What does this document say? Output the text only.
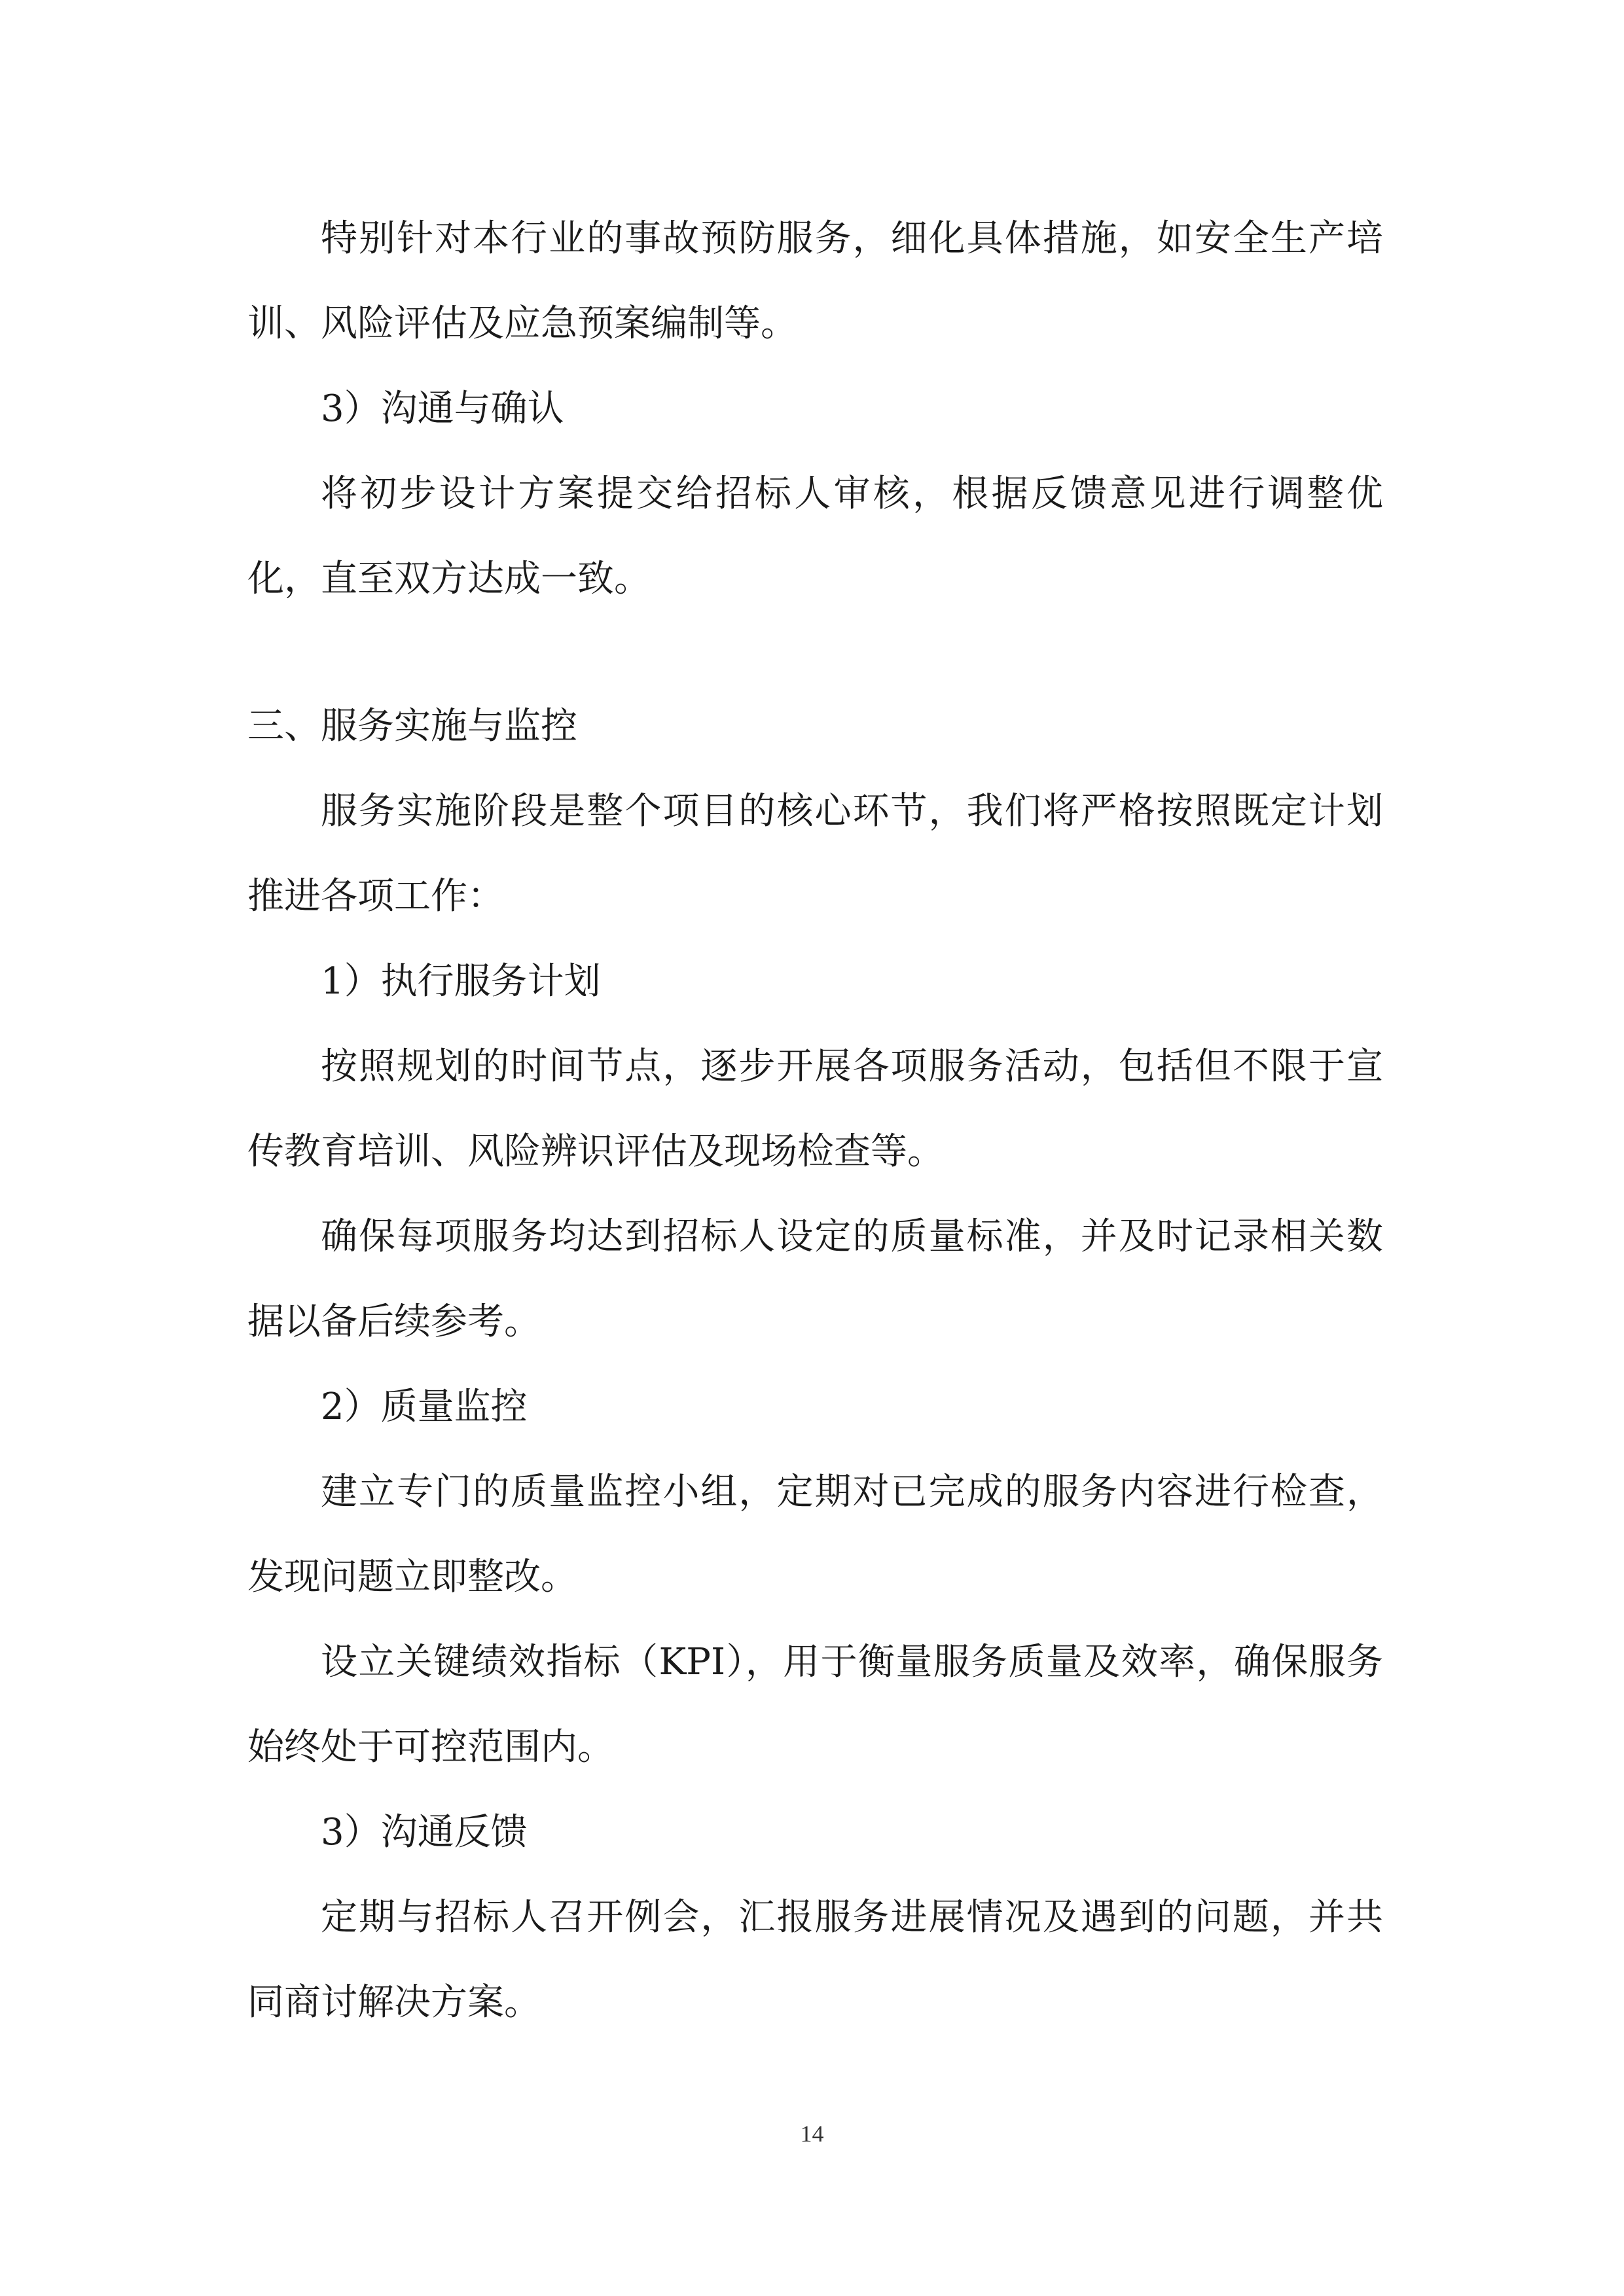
特别针对本行业的事故预防服务，细化具体措施，如安全生产培
训、风险评估及应急预案编制等。
3）沟通与确认
将初步设计方案提交给招标人审核，根据反馈意见进行调整优
化，直至双方达成一致。
三、服务实施与监控
服务实施阶段是整个项目的核心环节，我们将严格按照既定计划
推进各项工作：
1）执行服务计划
按照规划的时间节点，逐步开展各项服务活动，包括但不限于宣
传教育培训、风险辨识评估及现场检查等。
确保每项服务均达到招标人设定的质量标准，并及时记录相关数
据以备后续参考。
2）质量监控
建立专门的质量监控小组，定期对已完成的服务内容进行检查，
发现问题立即整改。
设立关键绩效指标（KPI），用于衡量服务质量及效率，确保服务
始终处于可控范围内。
3）沟通反馈
定期与招标人召开例会，汇报服务进展情况及遇到的问题，并共
同商讨解决方案。
14
